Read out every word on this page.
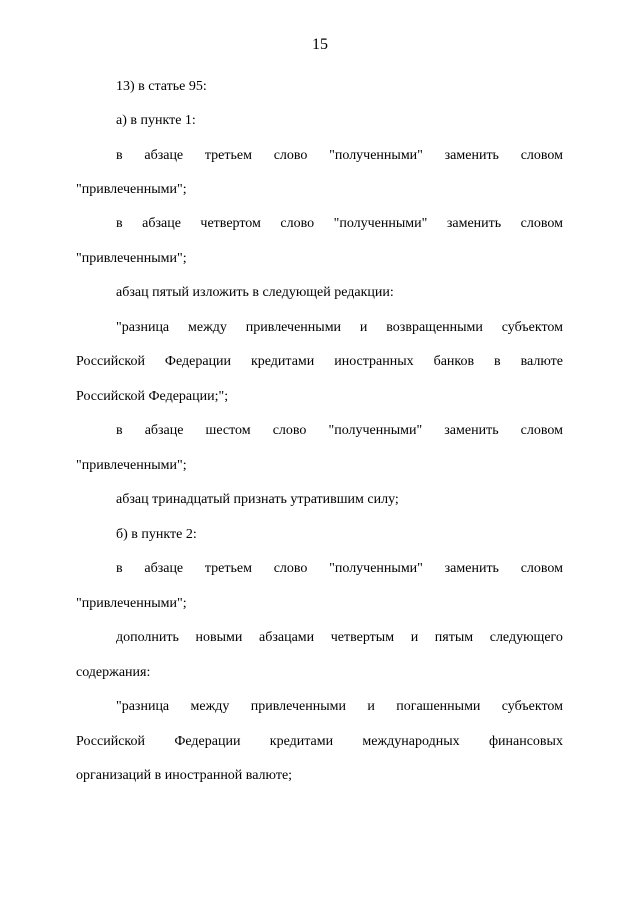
15
13) в статье 95:
а) в пункте 1:
в абзаце третьем слово "полученными" заменить словом
"привлеченными";
в абзаце четвертом слово "полученными" заменить словом
"привлеченными";
абзац пятый изложить в следующей редакции:
"разница между привлеченными и возвращенными субъектом
Российской Федерации кредитами иностранных банков в валюте
Российской Федерации;";
в абзаце шестом слово "полученными" заменить словом
"привлеченными";
абзац тринадцатый признать утратившим силу;
б) в пункте 2:
в абзаце третьем слово "полученными" заменить словом
"привлеченными";
дополнить новыми абзацами четвертым и пятым следующего
содержания:
"разница между привлеченными и погашенными субъектом
Российской Федерации кредитами международных финансовых
организаций в иностранной валюте;
